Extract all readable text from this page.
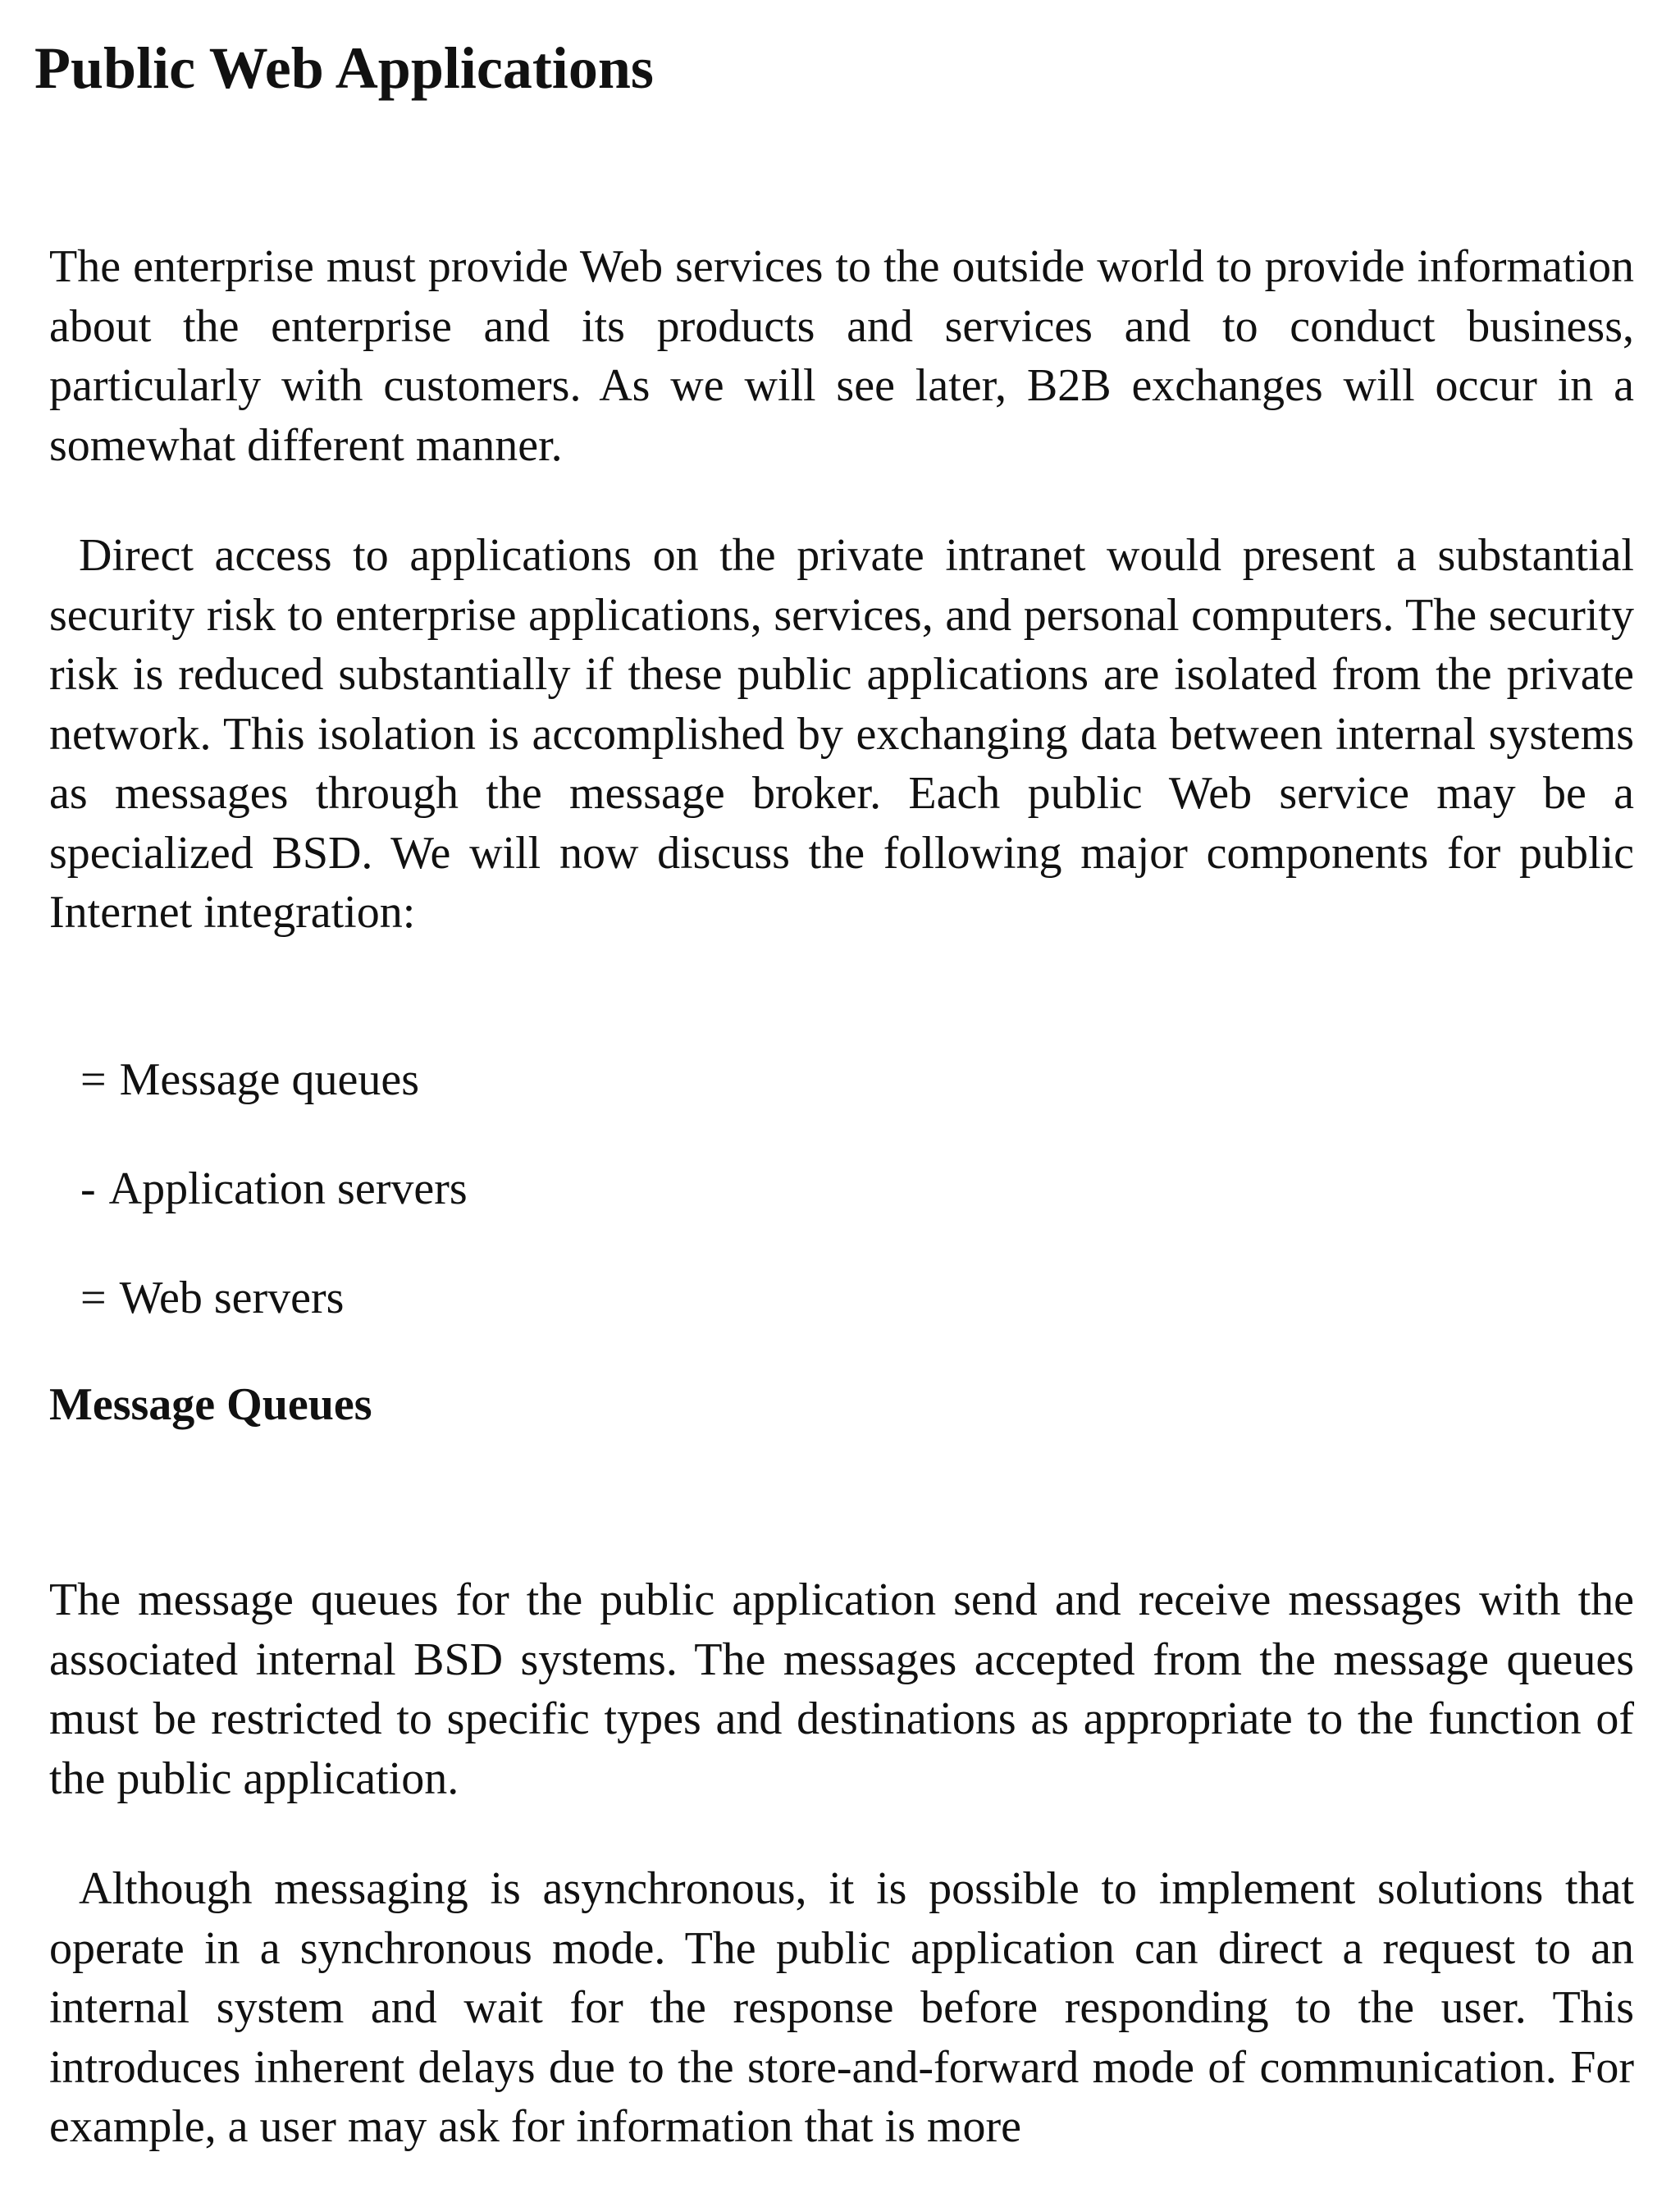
Public Web Applications

The enterprise must provide Web services to the outside world to provide information about the enterprise and its products and services and to conduct business, particularly with customers. As we will see later, B2B exchanges will occur in a somewhat different manner.

Direct access to applications on the private intranet would present a substantial security risk to enterprise applications, services, and personal computers. The security risk is reduced substantially if these public applications are isolated from the private network. This isolation is accomplished by exchanging data between internal systems as messages through the message broker. Each public Web service may be a specialized BSD. We will now discuss the following major components for public Internet integration:

= Message queues
- Application servers
= Web servers
Message Queues

The message queues for the public application send and receive messages with the associated internal BSD systems. The messages accepted from the message queues must be restricted to specific types and destinations as appropriate to the function of the public application.

Although messaging is asynchronous, it is possible to implement solutions that operate in a synchronous mode. The public application can direct a request to an internal system and wait for the response before responding to the user. This introduces inherent delays due to the store-and-forward mode of communication. For example, a user may ask for information that is more
